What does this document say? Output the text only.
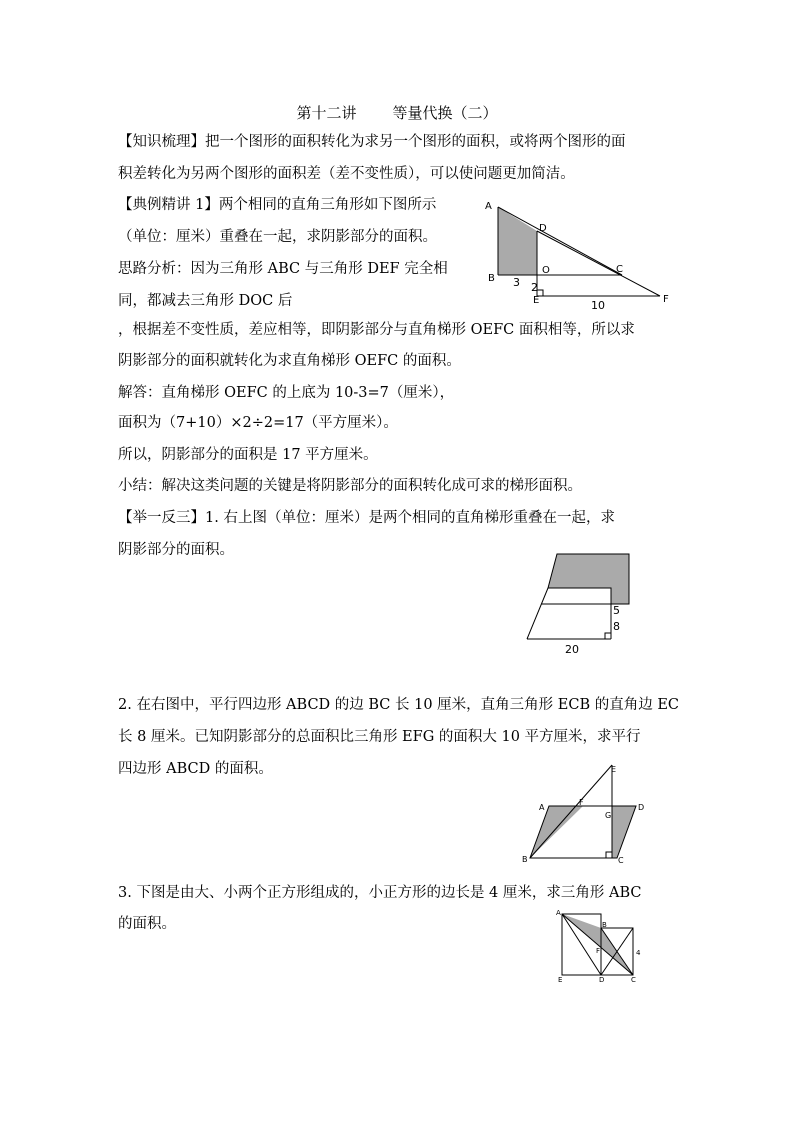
第十二讲 等量代换（二）
【知识梳理】把一个图形的面积转化为求另一个图形的面积，或将两个图形的面
积差转化为另两个图形的面积差（差不变性质），可以使问题更加简洁。
【典例精讲 1】两个相同的直角三角形如下图所示
（单位：厘米）重叠在一起，求阴影部分的面积。
思路分析：因为三角形 ABC 与三角形 DEF 完全相
同，都减去三角形 DOC 后
，根据差不变性质，差应相等，即阴影部分与直角梯形 OEFC 面积相等，所以求
阴影部分的面积就转化为求直角梯形 OEFC 的面积。
解答：直角梯形 OEFC 的上底为 10-3=7（厘米），
面积为（7+10）×2÷2=17（平方厘米）。
所以，阴影部分的面积是 17 平方厘米。
小结：解决这类问题的关键是将阴影部分的面积转化成可求的梯形面积。
A
B
D
O	C
E	F
3 2
10
【举一反三】1. 右上图（单位：厘米）是两个相同的直角梯形重叠在一起，求
阴影部分的面积。
5
8
20
2. 在右图中，平行四边形 ABCD 的边 BC 长 10 厘米，直角三角形 ECB 的直角边 EC
长 8 厘米。已知阴影部分的总面积比三角形 EFG 的面积大 10 平方厘米，求平行
四边形 ABCD 的面积。	E
A
F
D
G
B	C
3. 下图是由大、小两个正方形组成的，小正方形的边长是 4 厘米，求三角形 ABC
的面积。
A
B
F	4
E	D	C
